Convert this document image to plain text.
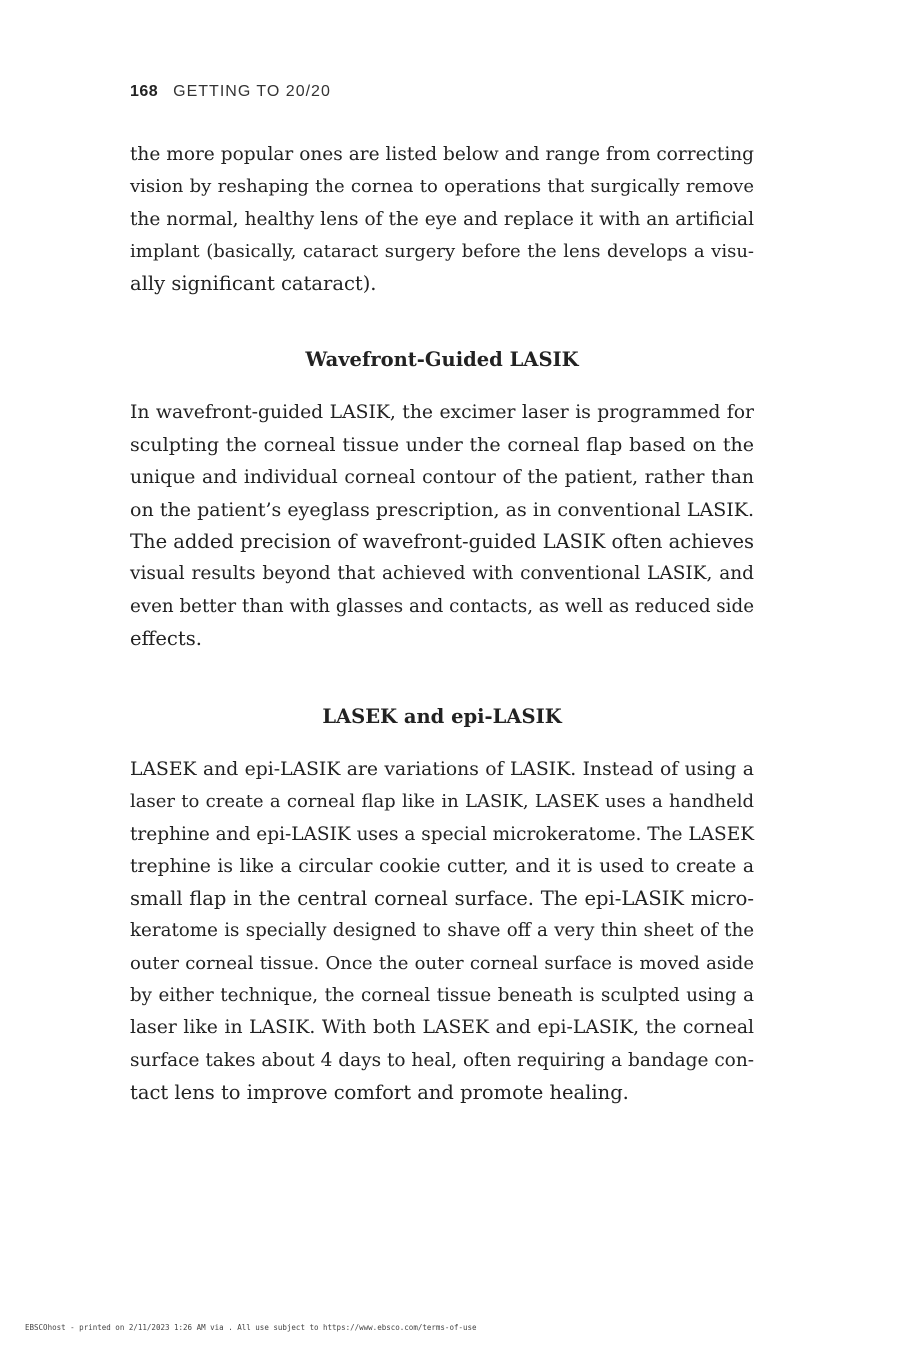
168 GETTING TO 20/20
the more popular ones are listed below and range from correcting
vision by reshaping the cornea to operations that surgically remove
the normal, healthy lens of the eye and replace it with an artificial
implant (basically, cataract surgery before the lens develops a visu-
ally significant cataract).
Wavefront-Guided LASIK
In wavefront-guided LASIK, the excimer laser is programmed for
sculpting the corneal tissue under the corneal flap based on the
unique and individual corneal contour of the patient, rather than
on the patient’s eyeglass prescription, as in conventional LASIK.
The added precision of wavefront-guided LASIK often achieves
visual results beyond that achieved with conventional LASIK, and
even better than with glasses and contacts, as well as reduced side
effects.
LASEK and epi-LASIK
LASEK and epi-LASIK are variations of LASIK. Instead of using a
laser to create a corneal flap like in LASIK, LASEK uses a handheld
trephine and epi-LASIK uses a special microkeratome. The LASEK
trephine is like a circular cookie cutter, and it is used to create a
small flap in the central corneal surface. The epi-LASIK micro-
keratome is specially designed to shave off a very thin sheet of the
outer corneal tissue. Once the outer corneal surface is moved aside
by either technique, the corneal tissue beneath is sculpted using a
laser like in LASIK. With both LASEK and epi-LASIK, the corneal
surface takes about 4 days to heal, often requiring a bandage con-
tact lens to improve comfort and promote healing.
EBSCOhost - printed on 2/11/2023 1:26 AM via . All use subject to https://www.ebsco.com/terms-of-use
